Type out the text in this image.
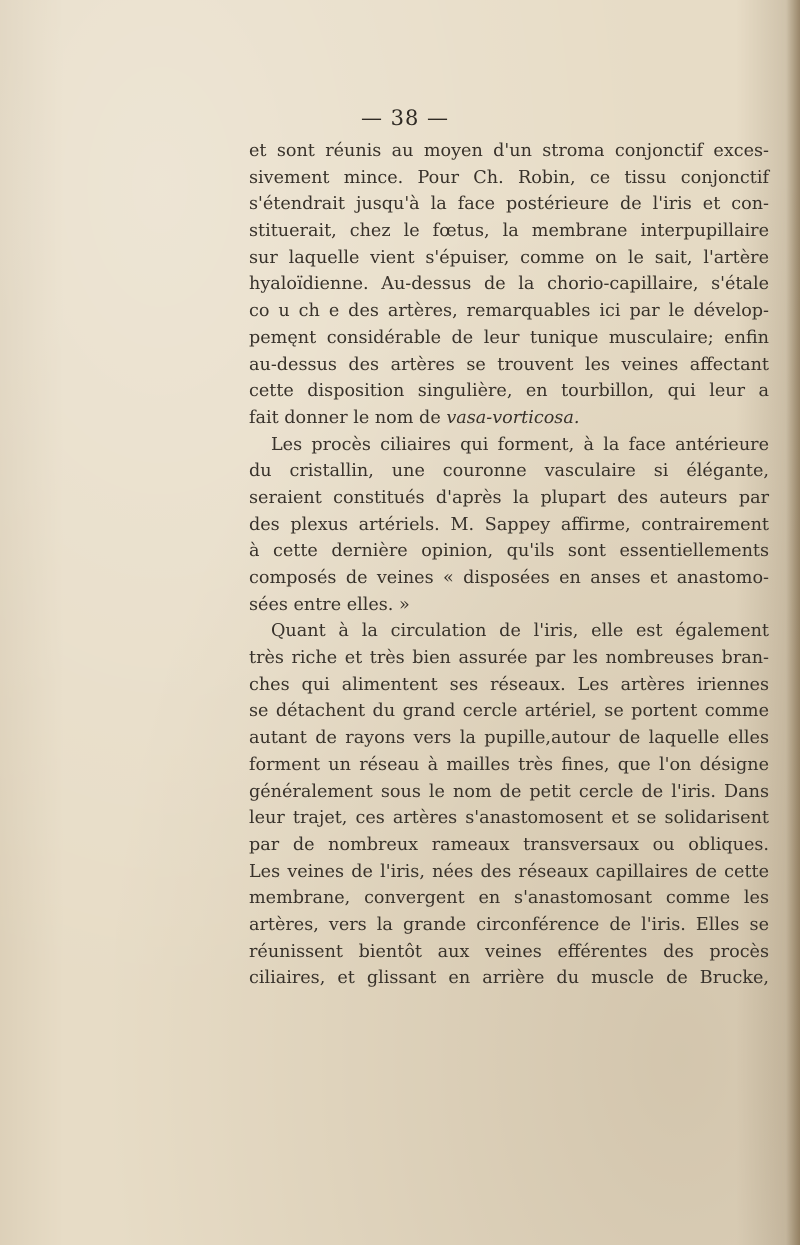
— 38 —
et sont réunis au moyen d'un stroma conjonctif exces-
sivement mince. Pour Ch. Robin, ce tissu conjonctif
s'étendrait jusqu'à la face postérieure de l'iris et con-
stituerait, chez le fœtus, la membrane interpupillaire
sur laquelle vient s'épuiser, comme on le sait, l'artère
hyaloïdienne. Au-dessus de la chorio-capillaire, s'étale
co u ch e des artères, remarquables ici par le dévelop-
pemęnt considérable de leur tunique musculaire; enfin
au-dessus des artères se trouvent les veines affectant
cette disposition singulière, en tourbillon, qui leur a
fait donner le nom de vasa-vorticosa.
Les procès ciliaires qui forment, à la face antérieure
du cristallin, une couronne vasculaire si élégante,
seraient constitués d'après la plupart des auteurs par
des plexus artériels. M. Sappey affirme, contrairement
à cette dernière opinion, qu'ils sont essentiellements
composés de veines « disposées en anses et anastomo-
sées entre elles. »
Quant à la circulation de l'iris, elle est également
très riche et très bien assurée par les nombreuses bran-
ches qui alimentent ses réseaux. Les artères iriennes
se détachent du grand cercle artériel, se portent comme
autant de rayons vers la pupille,autour de laquelle elles
forment un réseau à mailles très fines, que l'on désigne
généralement sous le nom de petit cercle de l'iris. Dans
leur trajet, ces artères s'anastomosent et se solidarisent
par de nombreux rameaux transversaux ou obliques.
Les veines de l'iris, nées des réseaux capillaires de cette
membrane, convergent en s'anastomosant comme les
artères, vers la grande circonférence de l'iris. Elles se
réunissent bientôt aux veines efférentes des procès
ciliaires, et glissant en arrière du muscle de Brucke,
